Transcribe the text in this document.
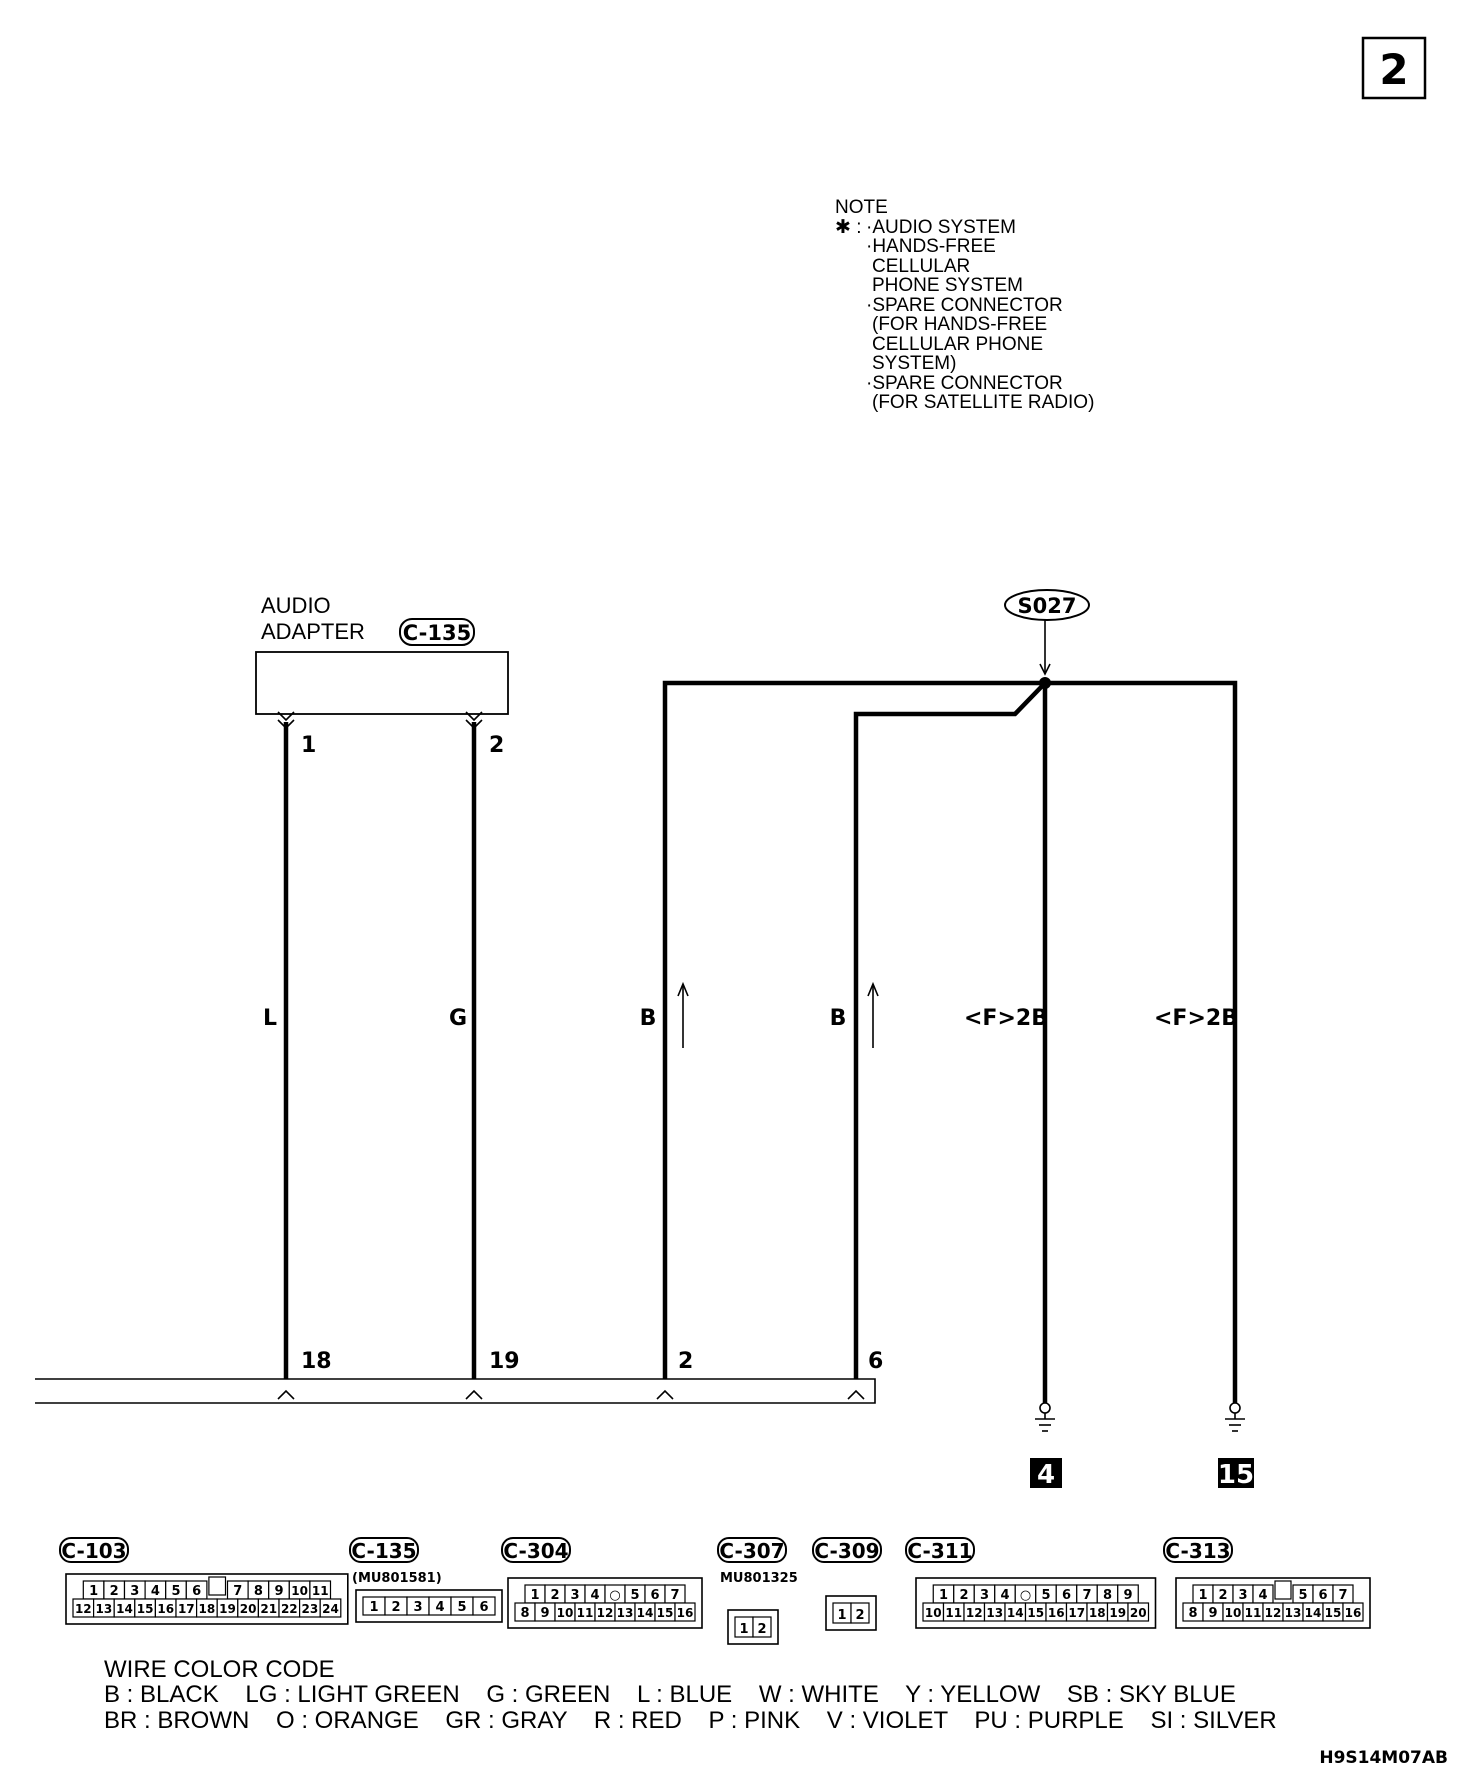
2
NOTE
✱ : ·AUDIO SYSTEM
·HANDS-FREE
CELLULAR
PHONE SYSTEM
·SPARE CONNECTOR
(FOR HANDS-FREE
CELLULAR PHONE
SYSTEM)
·SPARE CONNECTOR
(FOR SATELLITE RADIO)
AUDIO
ADAPTER C-135
1	2
S027
L	G	B	B	<F>2B	<F>2B
18	19	2	6
4	15
C-103
1 2 3 4 5 6 7 8 9 10 11
12 13 14 15 16 17 18 19 20 21 22 23 24
C-135
(MU801581)
1 2 3 4 5 6
C-304
1 2 3 4 ○ 5 6 7
8 9 10 11 12 13 14 15 16
C-307
MU801325
1 2
C-309
1 2
C-311
1 2 3 4 ○ 5 6 7 8 9
10 11 12 13 14 15 16 17 18 19 20
C-313
1 2 3 4 5 6 7
8 9 10 11 12 13 14 15 16
WIRE COLOR CODE
B : BLACK    LG : LIGHT GREEN    G : GREEN    L : BLUE    W : WHITE    Y : YELLOW    SB : SKY BLUE
BR : BROWN    O : ORANGE    GR : GRAY    R : RED    P : PINK    V : VIOLET    PU : PURPLE    SI : SILVER
H9S14M07AB
